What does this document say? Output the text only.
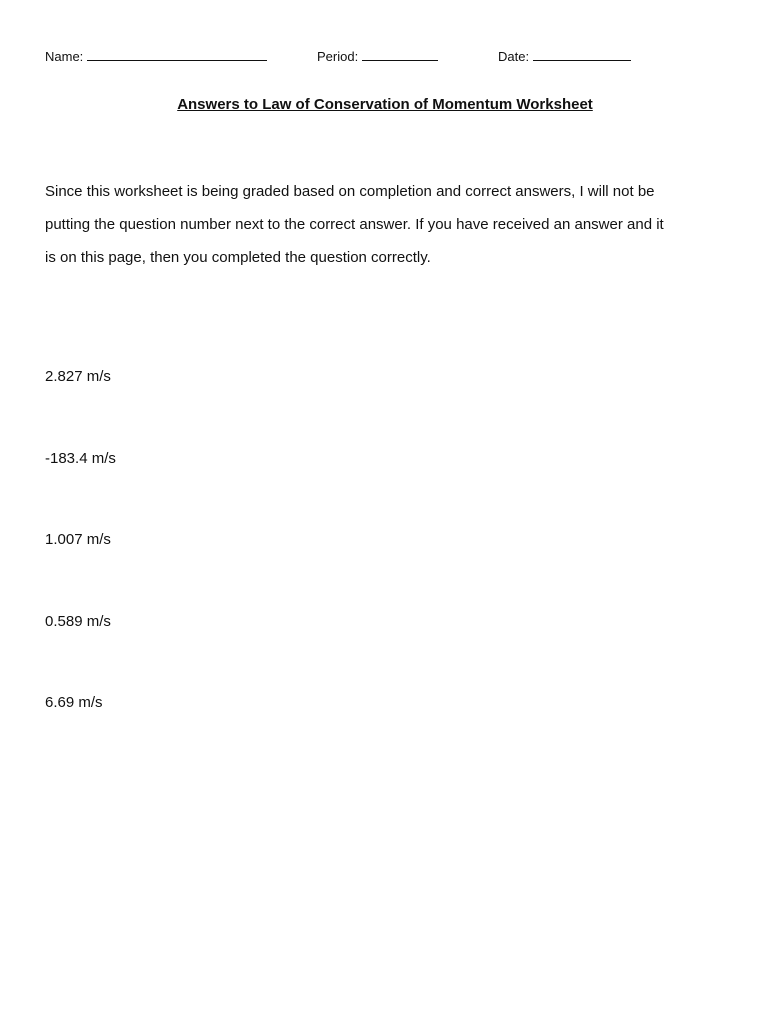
Name:	Period:	Date:
Answers to Law of Conservation of Momentum Worksheet
Since this worksheet is being graded based on completion and correct answers, I will not be
putting the question number next to the correct answer. If you have received an answer and it
is on this page, then you completed the question correctly.

2.827 m/s

-183.4 m/s

1.007 m/s

0.589 m/s

6.69 m/s
